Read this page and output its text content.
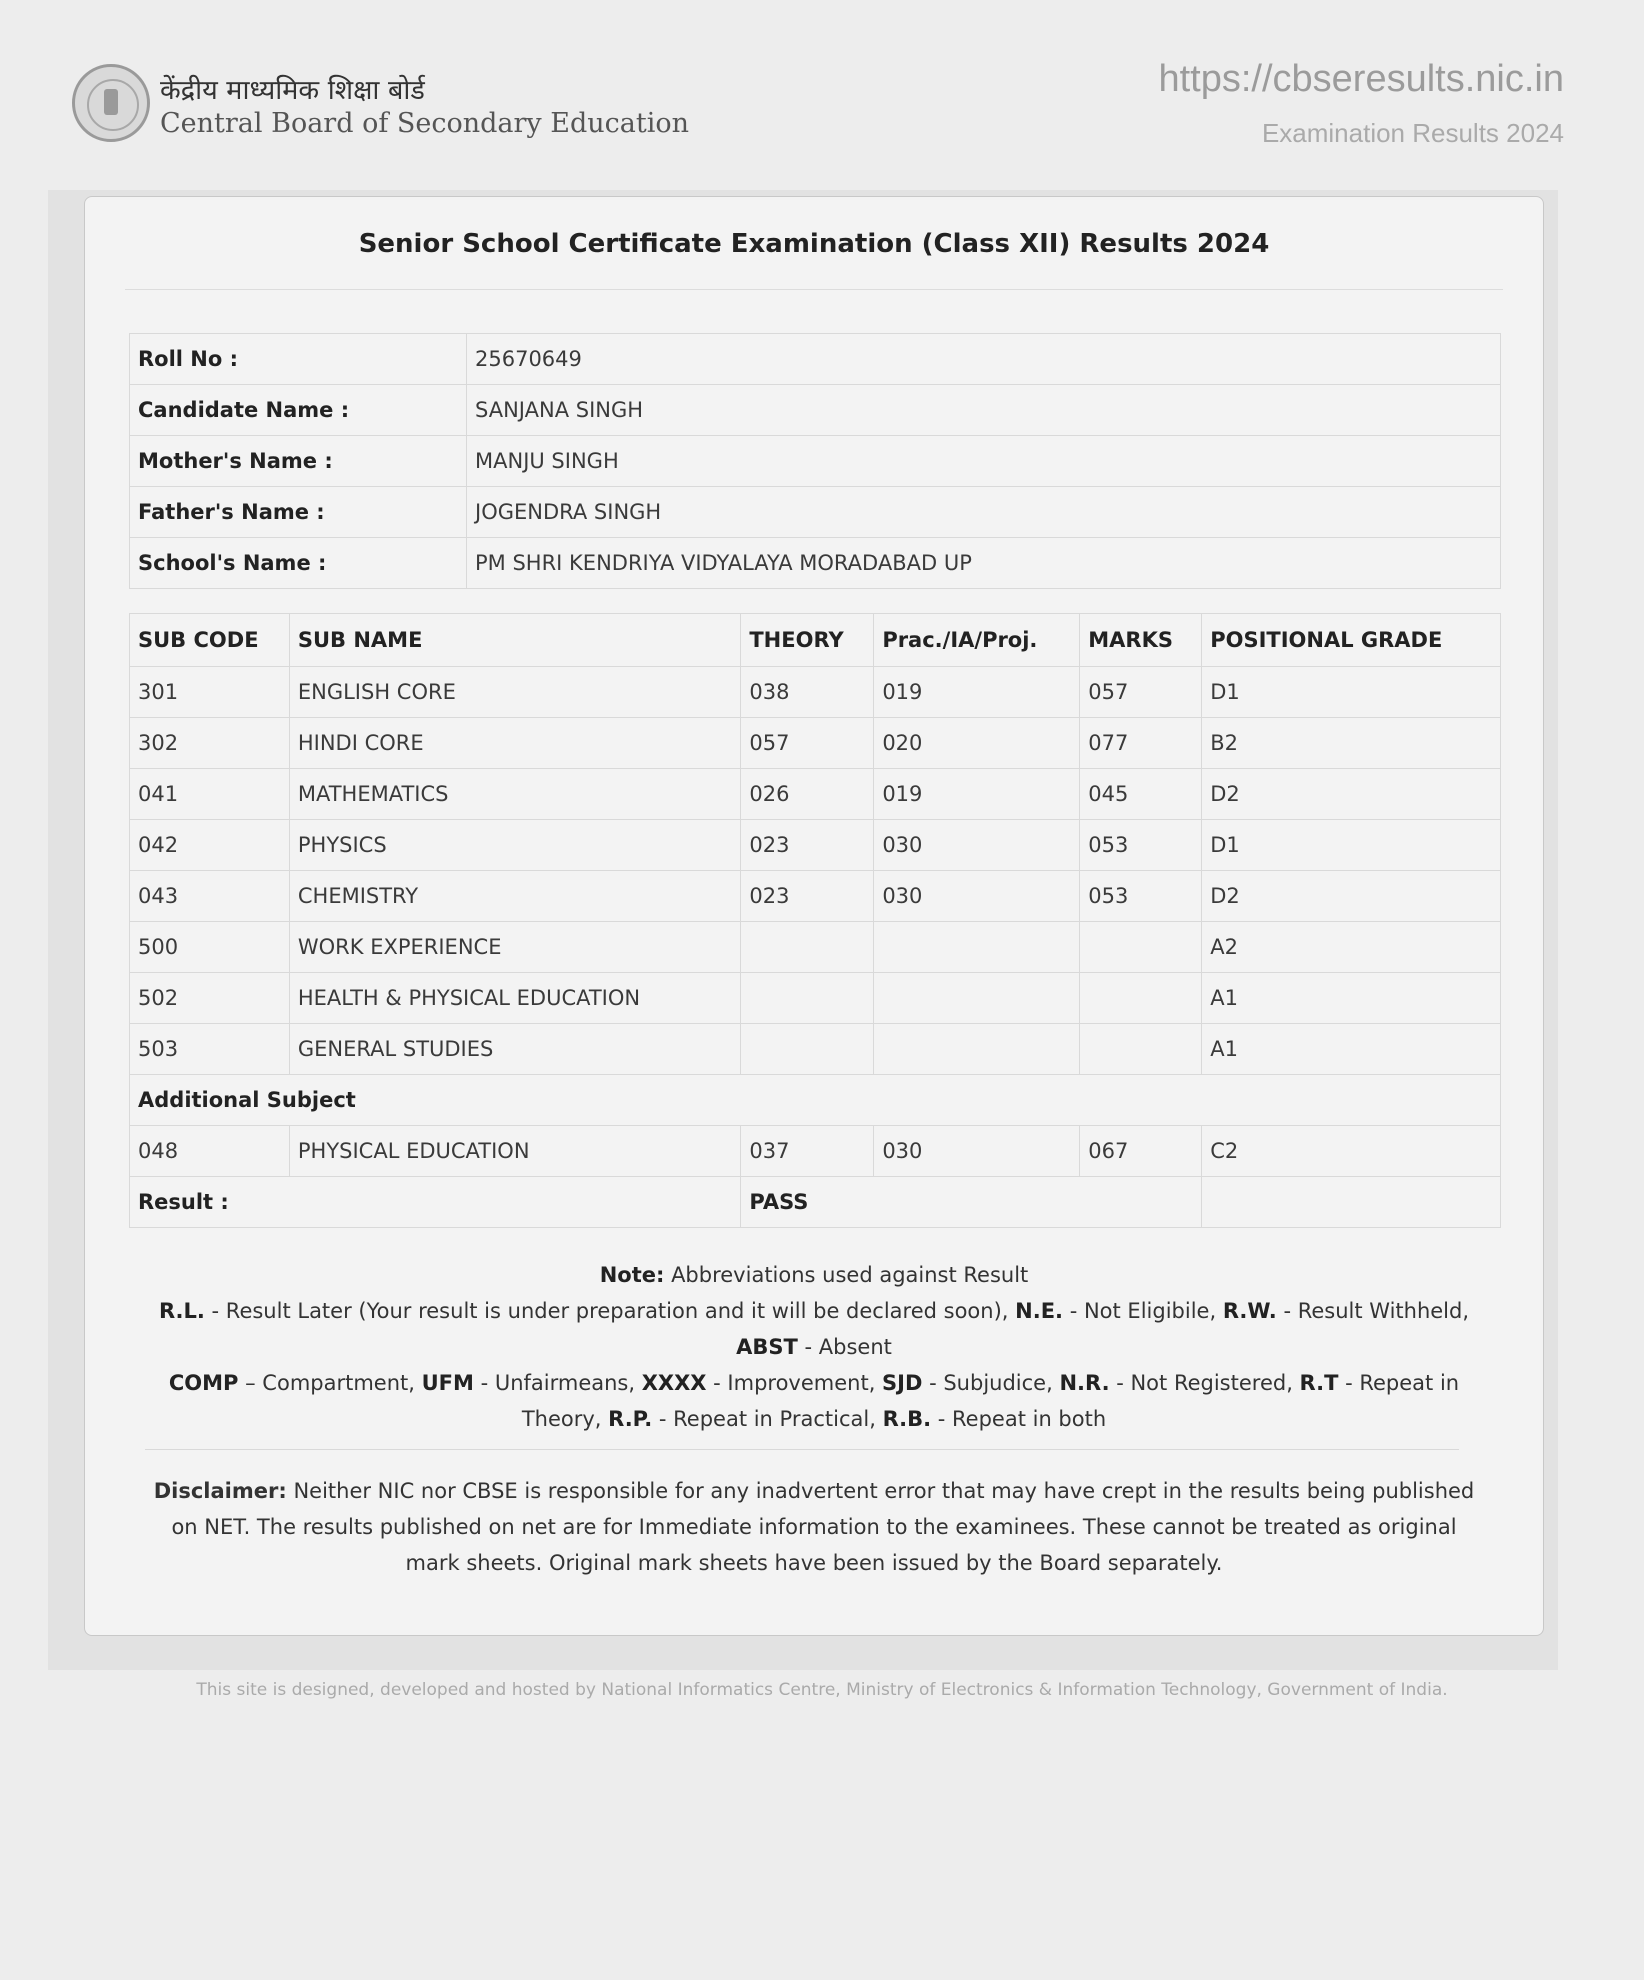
केंद्रीय माध्यमिक शिक्षा बोर्ड
Central Board of Secondary Education
https://cbseresults.nic.in
Examination Results 2024
Senior School Certificate Examination (Class XII) Results 2024
Roll No :	25670649
Candidate Name :	SANJANA SINGH
Mother's Name :	MANJU SINGH
Father's Name :	JOGENDRA SINGH
School's Name :	PM SHRI KENDRIYA VIDYALAYA MORADABAD UP
SUB CODE	SUB NAME	THEORY	Prac./IA/Proj.	MARKS	POSITIONAL GRADE
301	ENGLISH CORE	038	019	057	D1
302	HINDI CORE	057	020	077	B2
041	MATHEMATICS	026	019	045	D2
042	PHYSICS	023	030	053	D1
043	CHEMISTRY	023	030	053	D2
500	WORK EXPERIENCE				A2
502	HEALTH & PHYSICAL EDUCATION				A1
503	GENERAL STUDIES				A1
Additional Subject					
048	PHYSICAL EDUCATION	037	030	067	C2
Result :		PASS			
Note: Abbreviations used against Result
R.L. - Result Later (Your result is under preparation and it will be declared soon), N.E. - Not Eligibile, R.W. - Result Withheld, ABST - Absent
COMP – Compartment, UFM - Unfairmeans, XXXX - Improvement, SJD - Subjudice, N.R. - Not Registered, R.T - Repeat in Theory, R.P. - Repeat in Practical, R.B. - Repeat in both
Disclaimer: Neither NIC nor CBSE is responsible for any inadvertent error that may have crept in the results being published on NET. The results published on net are for Immediate information to the examinees. These cannot be treated as original mark sheets. Original mark sheets have been issued by the Board separately.
This site is designed, developed and hosted by National Informatics Centre, Ministry of Electronics & Information Technology, Government of India.
